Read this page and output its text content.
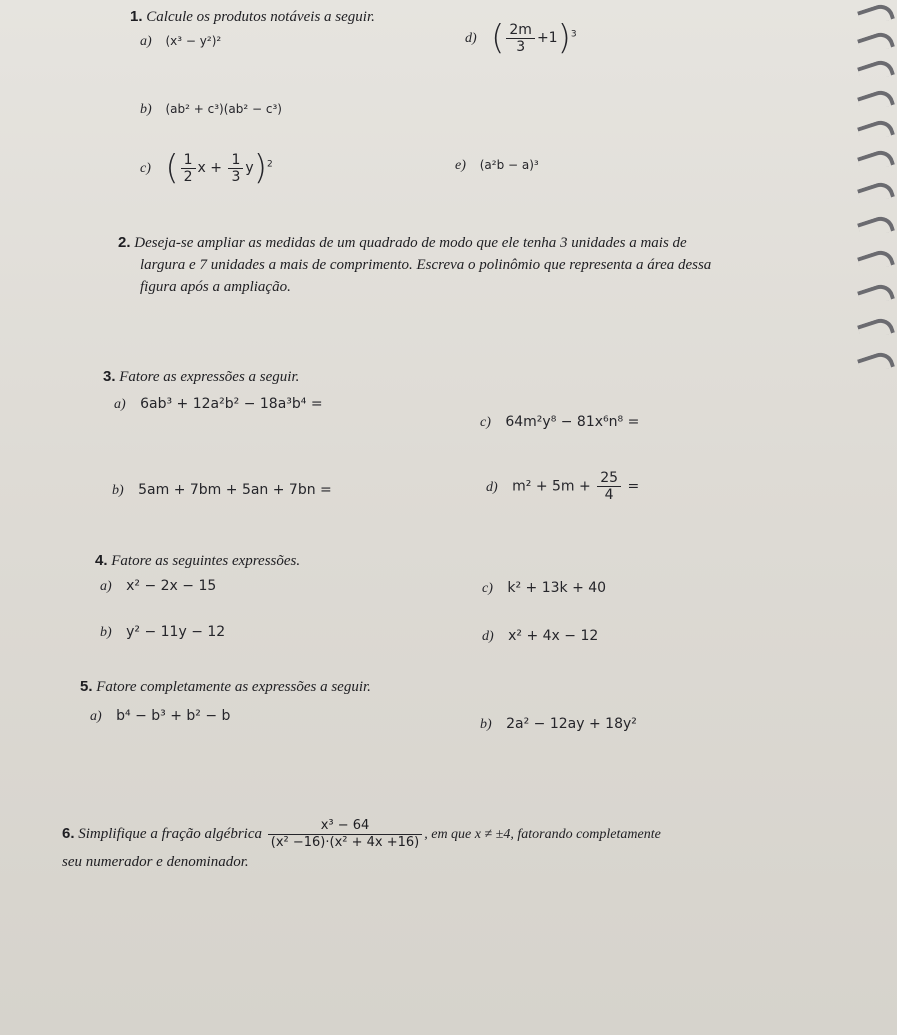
1. Calcule os produtos notáveis a seguir.
a) (x³ − y²)²	d) ( $\frac{2m}{3} +1)^3$
b) (ab² + c³)(ab² − c³)
c) ( $\frac{1}{2}$ $x + \frac{1}{3} y)^2$	e) (a²b − a)³
2. Deseja-se ampliar as medidas de um quadrado de modo que ele tenha 3 unidades a mais de
largura e 7 unidades a mais de comprimento. Escreva o polinômio que representa a área dessa
figura após a ampliação.
3. Fatore as expressões a seguir.
a) 6ab³ + 12a²b² − 18a³b⁴ =
c) 64m²y⁸ − 81x⁶n⁸ =
b) 5am + 7bm + 5an + 7bn =	d) $m^2 + 5m + \frac{25}{4}$ =
4. Fatore as seguintes expressões.
a) x² − 2x − 15	c) k² + 13k + 40
b) y² − 11y − 12	d) x² + 4x − 12
5. Fatore completamente as expressões a seguir.
a) b⁴ − b³ + b² − b
b) 2a² − 12ay + 18y²
6. Simplifique a fração algébrica $\frac{\text{x³ − 64}}{\text{(x² −16)·(x² + 4x +16)}}$ , em que x ≠ ±4, fatorando completamente
seu numerador e denominador.
